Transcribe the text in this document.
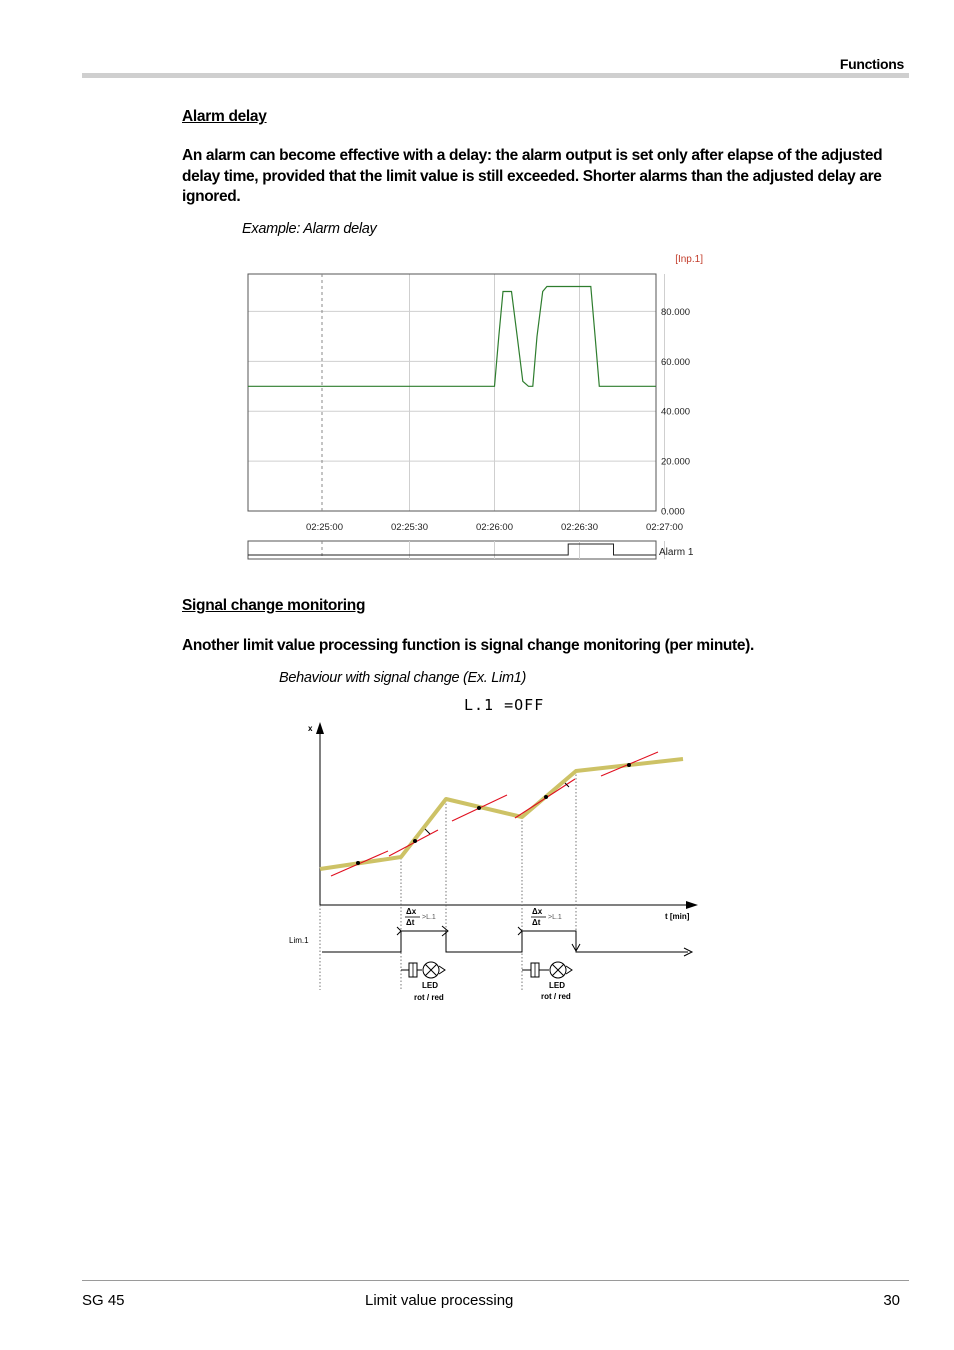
Functions
Alarm delay
An alarm can become effective with a delay: the alarm output is set only after elapse of the adjusted delay time, provided that the limit value is still exceeded. Shorter alarms than the adjusted delay are ignored.
Example: Alarm delay
[Inp.1]
0.000
20.000
40.000
60.000
80.000
02:25:00	02:25:30	02:26:00	02:26:30	02:27:00
Alarm 1
Signal change monitoring
Another limit value processing function is signal change monitoring (per minute).
Behaviour with signal change (Ex. Lim1)
L.1 =OFF
x
t [min]
Δx
Δt
>L.1
Δx
Δt
>L.1
Lim.1
LED
rot / red
LED
rot / red
SG 45	Limit value processing	30
